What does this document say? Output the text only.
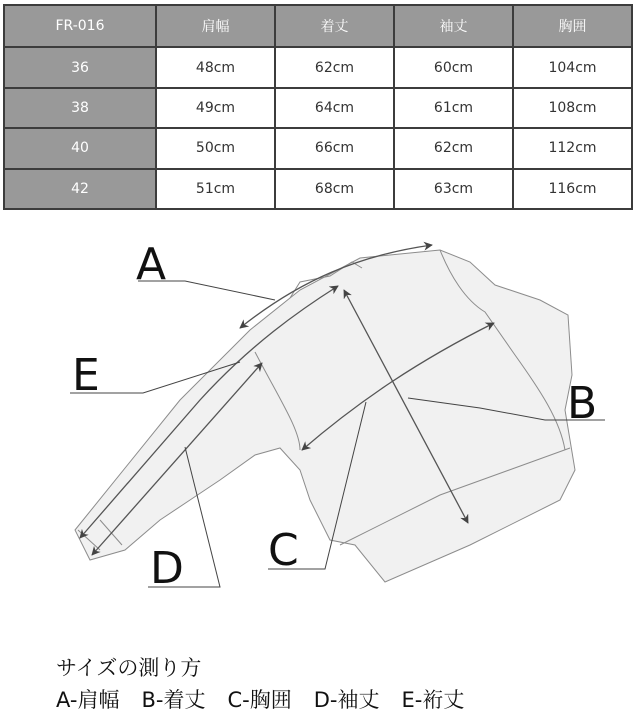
FR-016	肩幅	着丈	袖丈	胸囲
36	48cm	62cm	60cm	104cm
38	49cm	64cm	61cm	108cm
40	50cm	66cm	62cm	112cm
42	51cm	68cm	63cm	116cm
A
E
D C
B
サイズの測り方
A-肩幅 B-着丈 C-胸囲 D-袖丈 E-裄丈
